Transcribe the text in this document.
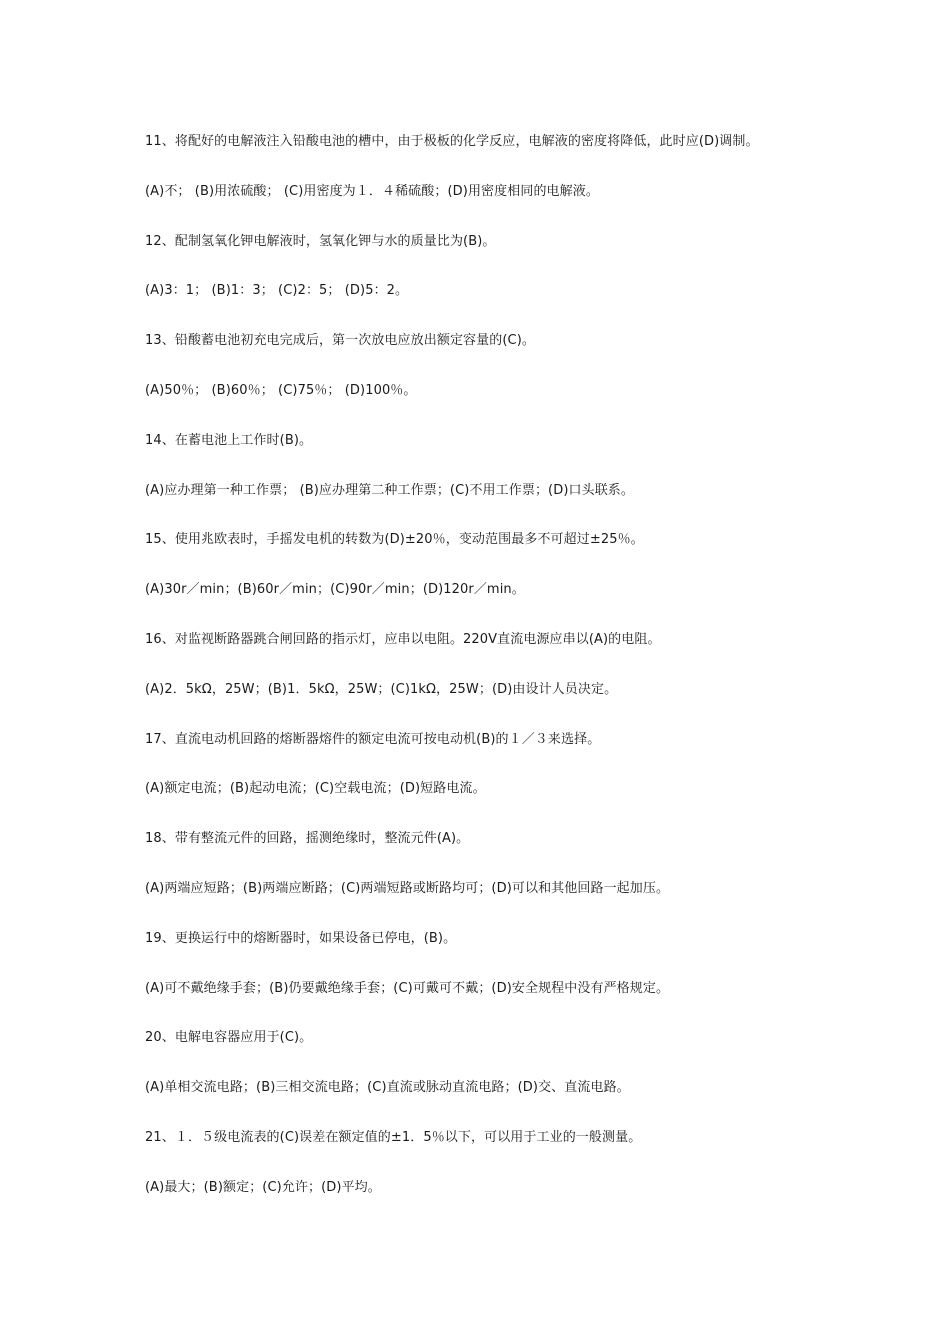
11、将配好的电解液注入铅酸电池的槽中，由于极板的化学反应，电解液的密度将降低，此时应(D)调制。
(A)不； (B)用浓硫酸； (C)用密度为１．４稀硫酸；(D)用密度相同的电解液。
12、配制氢氧化钾电解液时，氢氧化钾与水的质量比为(B)。
(A)3：1； (B)1：3； (C)2：5； (D)5：2。
13、铅酸蓄电池初充电完成后，第一次放电应放出额定容量的(C)。
(A)50％； (B)60％； (C)75％； (D)100％。
14、在蓄电池上工作时(B)。
(A)应办理第一种工作票； (B)应办理第二种工作票；(C)不用工作票；(D)口头联系。
15、使用兆欧表时，手摇发电机的转数为(D)±20％，变动范围最多不可超过±25％。
(A)30r／min；(B)60r／min；(C)90r／min；(D)120r／min。
16、对监视断路器跳合闸回路的指示灯，应串以电阻。220V直流电源应串以(A)的电阻。
(A)2．5kΩ，25W；(B)1．5kΩ，25W；(C)1kΩ，25W；(D)由设计人员决定。
17、直流电动机回路的熔断器熔件的额定电流可按电动机(B)的１／３来选择。
(A)额定电流；(B)起动电流；(C)空载电流；(D)短路电流。
18、带有整流元件的回路，摇测绝缘时，整流元件(A)。
(A)两端应短路；(B)两端应断路；(C)两端短路或断路均可；(D)可以和其他回路一起加压。
19、更换运行中的熔断器时，如果设备已停电，(B)。
(A)可不戴绝缘手套；(B)仍要戴绝缘手套；(C)可戴可不戴；(D)安全规程中没有严格规定。
20、电解电容器应用于(C)。
(A)单相交流电路；(B)三相交流电路；(C)直流或脉动直流电路；(D)交、直流电路。
21、１．５级电流表的(C)误差在额定值的±1．5％以下，可以用于工业的一般测量。
(A)最大；(B)额定；(C)允许；(D)平均。
